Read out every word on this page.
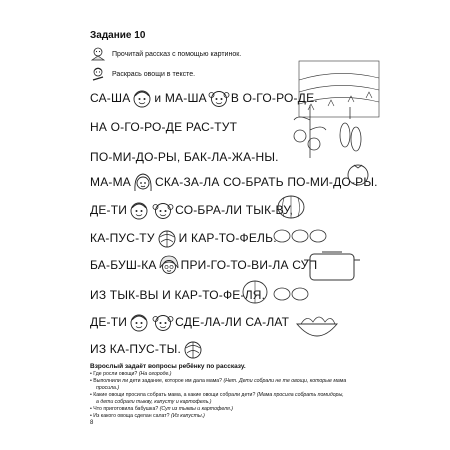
Задание 10
Прочитай рассказ с помощью картинок.
Раскрась овощи в тексте.
СА-ША и МА-ША В О-ГО-РО-ДЕ.
НА О-ГО-РО-ДЕ РАС-ТУТ
ПО-МИ-ДО-РЫ, БАК-ЛА-ЖА-НЫ.
МА-МА СКА-ЗА-ЛА СО-БРАТЬ ПО-МИ-ДО-РЫ.
ДЕ-ТИ	СО-БРА-ЛИ ТЫК-ВУ,
КА-ПУС-ТУ И КАР-ТО-ФЕЛЬ.
БА-БУШ-КА ПРИ-ГО-ТО-ВИ-ЛА СУП
ИЗ ТЫК-ВЫ И КАР-ТО-ФЕ-ЛЯ.
ДЕ-ТИ	СДЕ-ЛА-ЛИ СА-ЛАТ
ИЗ КА-ПУС-ТЫ.
Взрослый задаёт вопросы ребёнку по рассказу.
• Где росли овощи? (На огороде.)
• Выполнили ли дети задание, которое им дала мама? (Нет. Дети собрали не те овощи, которые мама
просила.)
• Какие овощи просила собрать мама, а какие овощи собрали дети? (Мама просила собрать помидоры,
а дети собрали тыкву, капусту и картофель.)
• Что приготовила бабушка? (Суп из тыквы и картофеля.)
• Из какого овоща сделан салат? (Из капусты.)
8
